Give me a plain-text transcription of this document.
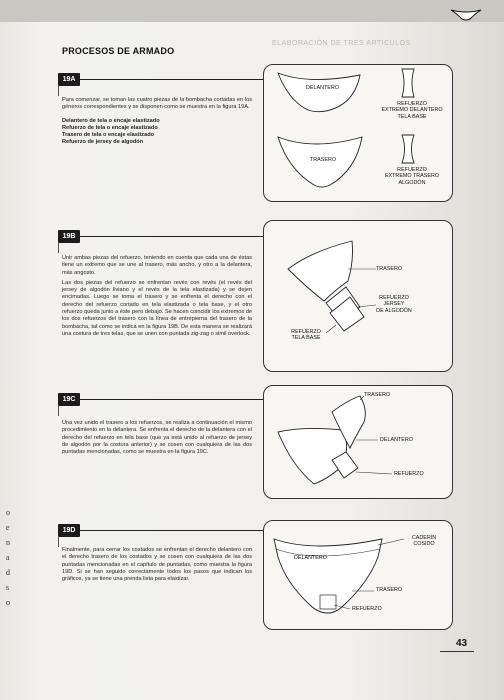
PROCESOS DE ARMADO
ELABORACIÓN DE TRES ARTICULOS
o
e
n
a
d
s
o
19A
Para comenzar, se toman las cuatro piezas de la bombacha cortadas en los géneros correspondientes y se disponen como se muestra en la figura 19A.
Delantero de tela o encaje elastizado
Refuerzo de tela o encaje elastizado
Trasero de tela o encaje elastizado
Refuerzo de jersey de algodón
DELANTERO
TRASERO
REFUERZO
EXTREMO DELANTERO
TELA BASE
REFUERZO
EXTREMO TRASERO
ALGODÓN
19B
Unir ambas piezas del refuerzo, teniendo en cuenta que cada una de éstas tiene un extremo que se une al trasero, más ancho, y otro a la delantera, más angosto.
Las dos piezas del refuerzo se enfrentan revés con revés (el revés del jersey de algodón liviano y el revés de la tela elastizada) y se dejen encimadas. Luego se toma el trasero y se enfrenta el derecho con el derecho del refuerzo cortado en tela elastizada o tela base, y el otro refuerzo queda junto a éste pero debajo. Se hacen coincidir los extremos de los dos refuerzos del trasero con la línea de entrepierna del trasero de la bombacha, tal como se indica en la figura 19B. De esta manera se realizará una costura de tres telas, que se unen con puntada zig-zag o simil overlock.
TRASERO
REFUERZO
JERSEY
DE ALGODÓN
REFUERZO
TELA BASE
19C
Una vez unido el trasero a los refuerzos, se realiza a continuación el mismo procedimiento en la delantera. Se enfrenta el derecho de la delantera con el derecho del refuerzo en tela base (que ya está unido al refuerzo de jersey de algodón por la costura anterior) y se cosen con cualquiera de las dos puntadas mencionadas, como se muestra en la figura 19C.
TRASERO
DELANTERO
REFUERZO
19D
Finalmente, para cerrar los costados se enfrentan el derecho delantero con el derecho trasero de los costados y se cosen con cualquiera de las dos puntadas mencionadas en el capítulo de puntadas, como muestra la figura 19D. Si se han seguido correctamente todos los pasos que indican los gráficos, ya se tiene una prenda lista para elastizar.
DELANTERO
CADERÍN
COSIDO
TRASERO
REFUERZO
43
